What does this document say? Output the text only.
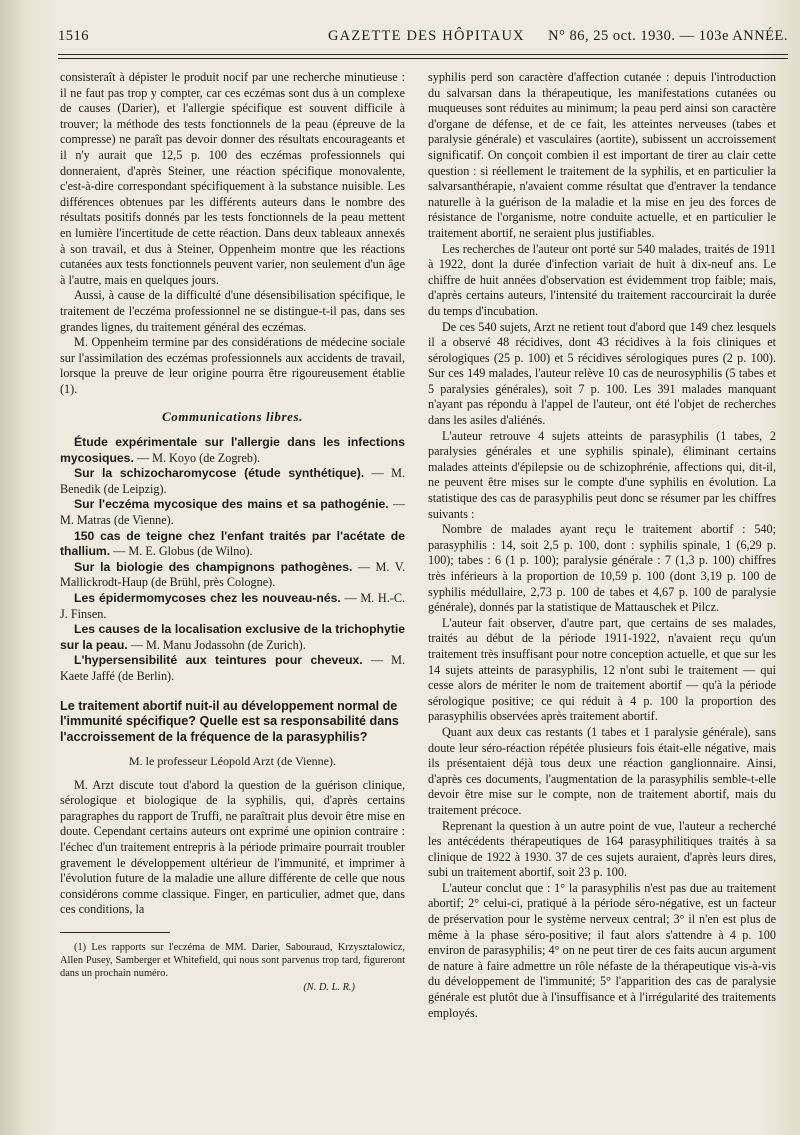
1516	GAZETTE DES HÔPITAUX N° 86, 25 oct. 1930. — 103e ANNÉE.

consisteraît à dépister le produit nocif par une recherche minutieuse : il ne faut pas trop y compter, car ces eczémas sont dus à un complexe de causes (Darier), et l'allergie spécifique est souvent difficile à trouver; la méthode des tests fonctionnels de la peau (épreuve de la compresse) ne paraît pas devoir donner des résultats encourageants et il n'y aurait que 12,5 p. 100 des eczémas professionnels qui donneraient, d'après Steiner, une réaction spécifique monovalente, c'est-à-dire correspondant spécifiquement à la substance nuisible. Les différences obtenues par les différents auteurs dans le nombre des résultats positifs donnés par les tests fonctionnels de la peau mettent en lumière l'incertitude de cette réaction. Dans deux tableaux annexés à son travail, et dus à Steiner, Oppenheim montre que les réactions cutanées aux tests fonctionnels peuvent varier, non seulement d'un âge à l'autre, mais en quelques jours.

Aussi, à cause de la difficulté d'une désensibilisation spécifique, le traitement de l'eczéma professionnel ne se distingue-t-il pas, dans ses grandes lignes, du traitement général des eczémas.

M. Oppenheim termine par des considérations de médecine sociale sur l'assimilation des eczémas professionnels aux accidents de travail, lorsque la preuve de leur origine pourra être rigoureusement établie (1).

Communications libres.

Étude expérimentale sur l'allergie dans les infections mycosiques. — M. Koyo (de Zogreb).

Sur la schizocharomycose (étude synthétique). — M. Benedik (de Leipzig).

Sur l'eczéma mycosique des mains et sa pathogénie. — M. Matras (de Vienne).

150 cas de teigne chez l'enfant traités par l'acétate de thallium. — M. E. Globus (de Wilno).

Sur la biologie des champignons pathogènes. — M. V. Mallickrodt-Haup (de Brühl, près Cologne).

Les épidermomycoses chez les nouveau-nés. — M. H.-C. J. Finsen.

Les causes de la localisation exclusive de la trichophytie sur la peau. — M. Manu Jodassohn (de Zurich).

L'hypersensibilité aux teintures pour cheveux. — M. Kaete Jaffé (de Berlin).

Le traitement abortif nuit-il au développement normal de l'immunité spécifique? Quelle est sa responsabilité dans l'accroissement de la fréquence de la parasyphilis?
M. le professeur Léopold Arzt (de Vienne).

M. Arzt discute tout d'abord la question de la guérison clinique, sérologique et biologique de la syphilis, qui, d'après certains paragraphes du rapport de Truffi, ne paraîtrait plus devoir être mise en doute. Cependant certains auteurs ont exprimé une opinion contraire : l'échec d'un traitement entrepris à la période primaire pourrait troubler gravement le développement ultérieur de l'immunité, et imprimer à l'évolution future de la maladie une allure différente de celle que nous considérons comme classique. Finger, en particulier, admet que, dans ces conditions, la

(1) Les rapports sur l'eczéma de MM. Darier, Sabouraud, Krzysztalowicz, Allen Pusey, Samberger et Whitefield, qui nous sont parvenus trop tard, figureront dans un prochain numéro.
(N. D. L. R.)

syphilis perd son caractère d'affection cutanée : depuis l'introduction du salvarsan dans la thérapeutique, les manifestations cutanées ou muqueuses sont réduites au minimum; la peau perd ainsi son caractère d'organe de défense, et de ce fait, les atteintes nerveuses (tabes et paralysie générale) et vasculaires (aortite), subissent un accroissement significatif. On conçoit combien il est important de tirer au clair cette question : si réellement le traitement de la syphilis, et en particulier la salvarsanthérapie, n'avaient comme résultat que d'entraver la tendance naturelle à la guérison de la maladie et la mise en jeu des forces de résistance de l'organisme, notre conduite actuelle, et en particulier le traitement abortif, ne seraient plus justifiables.

Les recherches de l'auteur ont porté sur 540 malades, traités de 1911 à 1922, dont la durée d'infection variait de huit à dix-neuf ans. Le chiffre de huit années d'observation est évidemment trop faible; mais, d'après certains auteurs, l'intensité du traitement raccourcirait la durée du temps d'incubation.

De ces 540 sujets, Arzt ne retient tout d'abord que 149 chez lesquels il a observé 48 récidives, dont 43 récidives à la fois cliniques et sérologiques (25 p. 100) et 5 récidives sérologiques pures (2 p. 100). Sur ces 149 malades, l'auteur relève 10 cas de neurosyphilis (5 tabes et 5 paralysies générales), soit 7 p. 100. Les 391 malades manquant n'ayant pas répondu à l'appel de l'auteur, ont été l'objet de recherches dans les asiles d'aliénés.

L'auteur retrouve 4 sujets atteints de parasyphilis (1 tabes, 2 paralysies générales et une syphilis spinale), éliminant certains malades atteints d'épilepsie ou de schizophrénie, affections qui, dit-il, ne peuvent être mises sur le compte d'une syphilis en évolution. La statistique des cas de parasyphilis peut donc se résumer par les chiffres suivants :

Nombre de malades ayant reçu le traitement abortif : 540; parasyphilis : 14, soit 2,5 p. 100, dont : syphilis spinale, 1 (6,29 p. 100); tabes : 6 (1 p. 100); paralysie générale : 7 (1,3 p. 100) chiffres très inférieurs à la proportion de 10,59 p. 100 (dont 3,19 p. 100 de syphilis médullaire, 2,73 p. 100 de tabes et 4,67 p. 100 de paralysie générale), donnés par la statistique de Mattauschek et Pilcz.

L'auteur fait observer, d'autre part, que certains de ses malades, traités au début de la période 1911-1922, n'avaient reçu qu'un traitement très insuffisant pour notre conception actuelle, et que sur les 14 sujets atteints de parasyphilis, 12 n'ont subi le traitement — qui cesse alors de mériter le nom de traitement abortif — qu'à la période sérologique positive; ce qui réduit à 4 p. 100 la proportion des parasyphilis observées après traitement abortif.

Quant aux deux cas restants (1 tabes et 1 paralysie générale), sans doute leur séro-réaction répétée plusieurs fois était-elle négative, mais ils présentaient déjà tous deux une réaction ganglionnaire. Ainsi, d'après ces documents, l'augmentation de la parasyphilis semble-t-elle devoir être mise sur le compte, non de traitement abortif, mais du traitement précoce.

Reprenant la question à un autre point de vue, l'auteur a recherché les antécédents thérapeutiques de 164 parasyphilitiques traités à sa clinique de 1922 à 1930. 37 de ces sujets auraient, d'après leurs dires, subi un traitement abortif, soit 23 p. 100.

L'auteur conclut que : 1° la parasyphilis n'est pas due au traitement abortif; 2° celui-ci, pratiqué à la période séro-négative, est un facteur de préservation pour le système nerveux central; 3° il n'en est plus de même à la phase séro-positive; il faut alors s'attendre à 4 p. 100 environ de parasyphilis; 4° on ne peut tirer de ces faits aucun argument de nature à faire admettre un rôle néfaste de la thérapeutique vis-à-vis du développement de l'immunité; 5° l'apparition des cas de paralysie générale est plutôt due à l'insuffisance et à l'irrégularité des traitements employés.
